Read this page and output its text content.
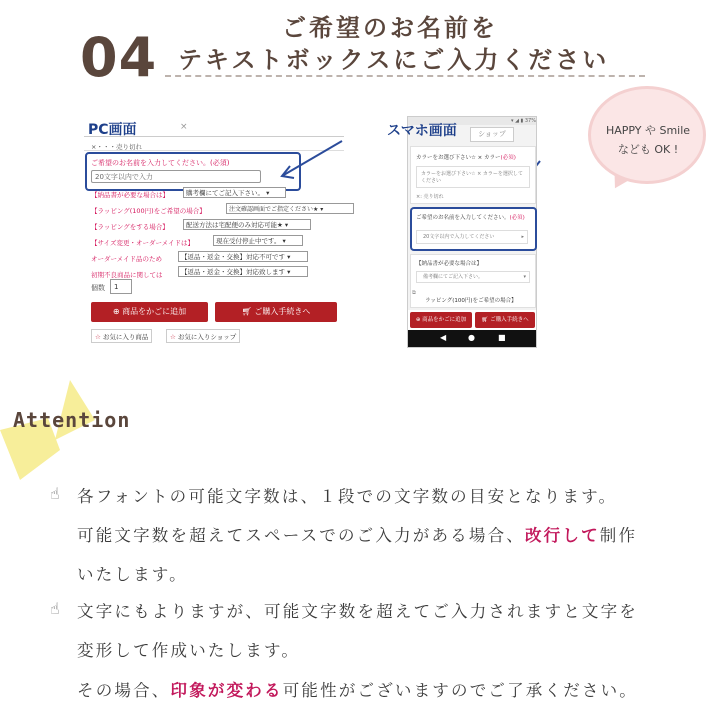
04	ご希望のお名前を
テキストボックスにご入力ください
PC画面	×
×・・・売り切れ
ご希望のお名前を入力してください。(必須)
20文字以内で入力
【納品書が必要な場合は】	購考欄にてご記入下さい。 ▾
【ラッピング(100円)をご希望の場合】	注文確認画面でご指定ください★ ▾
【ラッピングをする場合】	配送方法は宅配便のみ対応可能★ ▾
【サイズ変更・オーダーメイドは】	現在受付停止中です。 ▾
オーダーメイド品のため	【返品・返金・交換】対応不可です ▾
初期不良商品に関しては	【返品・返金・交換】対応致します ▾
個数	1
⊕ 商品をかごに追加	🛒︎ ご購入手続きへ
☆ お気に入り商品	☆ お気に入りショップ
▾ ◢ ▮ 37%
スマホ画面	ショップ
カラーをお選び下さい☆ × カラー(必須)
カラーをお選び下さい☆ × カラーを選択してください
×: 売り切れ
ご希望のお名前を入力してください。(必須)
20文字以内で入力してください	▸
【納品書が必要な場合は】
備考欄にてご記入下さい。	▾
⧉
ラッピング(100円)をご希望の場合】
⊕ 商品をかごに追加	🛒︎ ご購入手続きへ
◀	●	■
HAPPY や Smile
なども OK !
Attention
☝ 各フォントの可能文字数は、１段での文字数の目安となります。
可能文字数を超えてスペースでのご入力がある場合、改行して制作
いたします。
☝ 文字にもよりますが、可能文字数を超えてご入力されますと文字を
変形して作成いたします。
その場合、印象が変わる可能性がございますのでご了承ください。
